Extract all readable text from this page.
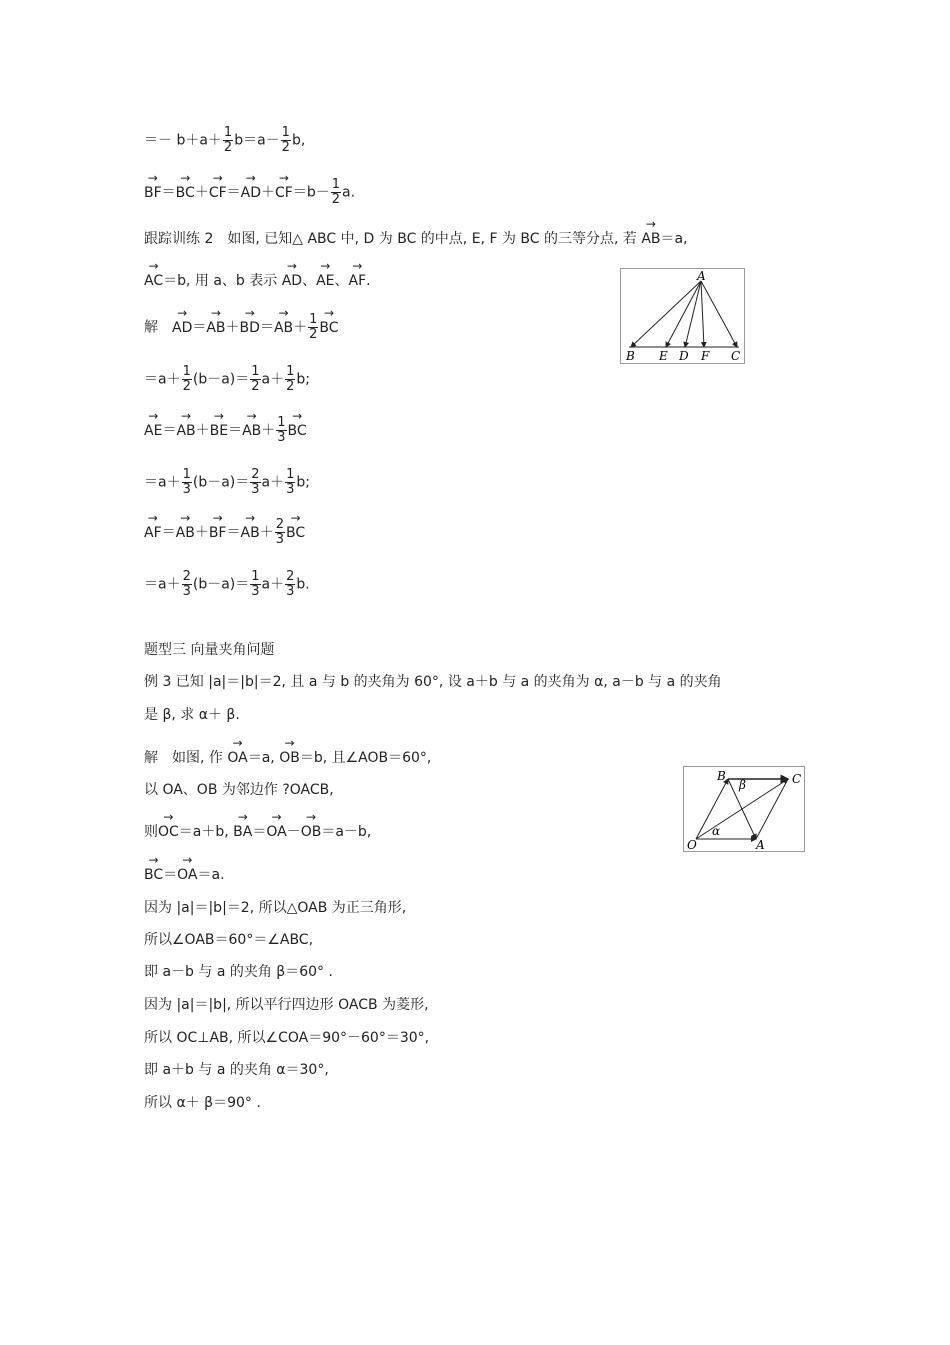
＝－ $b+a+ \frac{1}{2} b=a- \frac{1}{2} b$,
→ $BF=\to BC+\to CF=\to AD+\to CF=b- \frac{1}{2} a$.
跟踪训练 2　如图, 已知△ ABC 中, D 为 BC 的中点, E, F 为 BC 的三等分点, 若 → AB＝a,
→ AC＝b, 用 a、b 表示 → AD、→ AE、→ AF.
解　→ $AD=\to AB+\to BD=\to AB+ \frac{1}{2}$ → BC
$=a+ \frac{1}{2} (b-a)= \frac{1}{2} a+ \frac{1}{2} b$;
→ $AE=\to AB+\to BE=\to AB+ \frac{1}{3}$ → BC
$=a+ \frac{1}{3} (b-a)= \frac{2}{3} a+ \frac{1}{3} b$;
→ $AF=\to AB+\to BF=\to AB+ \frac{2}{3}$ → BC
$=a+ \frac{2}{3} (b-a)= \frac{1}{3} a+ \frac{2}{3} b$.
题型三 向量夹角问题
例 3 已知 |a|＝|b|＝2, 且 a 与 b 的夹角为 60°, 设 a＋b 与 a 的夹角为 α, a－b 与 a 的夹角
是 β, 求 α＋ β.
解　如图, 作 → OA＝a, → OB＝b, 且∠AOB＝60°,
以 OA、OB 为邻边作 ?OACB,
则→ OC＝a＋b, → BA＝→ OA－→ OB＝a－b,
→ BC＝→ OA＝a.
因为 |a|＝|b|＝2, 所以△OAB 为正三角形,
所以∠OAB＝60°＝∠ABC,
即 a－b 与 a 的夹角 β＝60° .
因为 |a|＝|b|, 所以平行四边形 OACB 为菱形,
所以 OC⊥AB, 所以∠COA＝90°－60°＝30°,
即 a＋b 与 a 的夹角 α＝30°,
所以 α＋ β＝90° .
A
B E D F C
B	C
O	A
β
α
